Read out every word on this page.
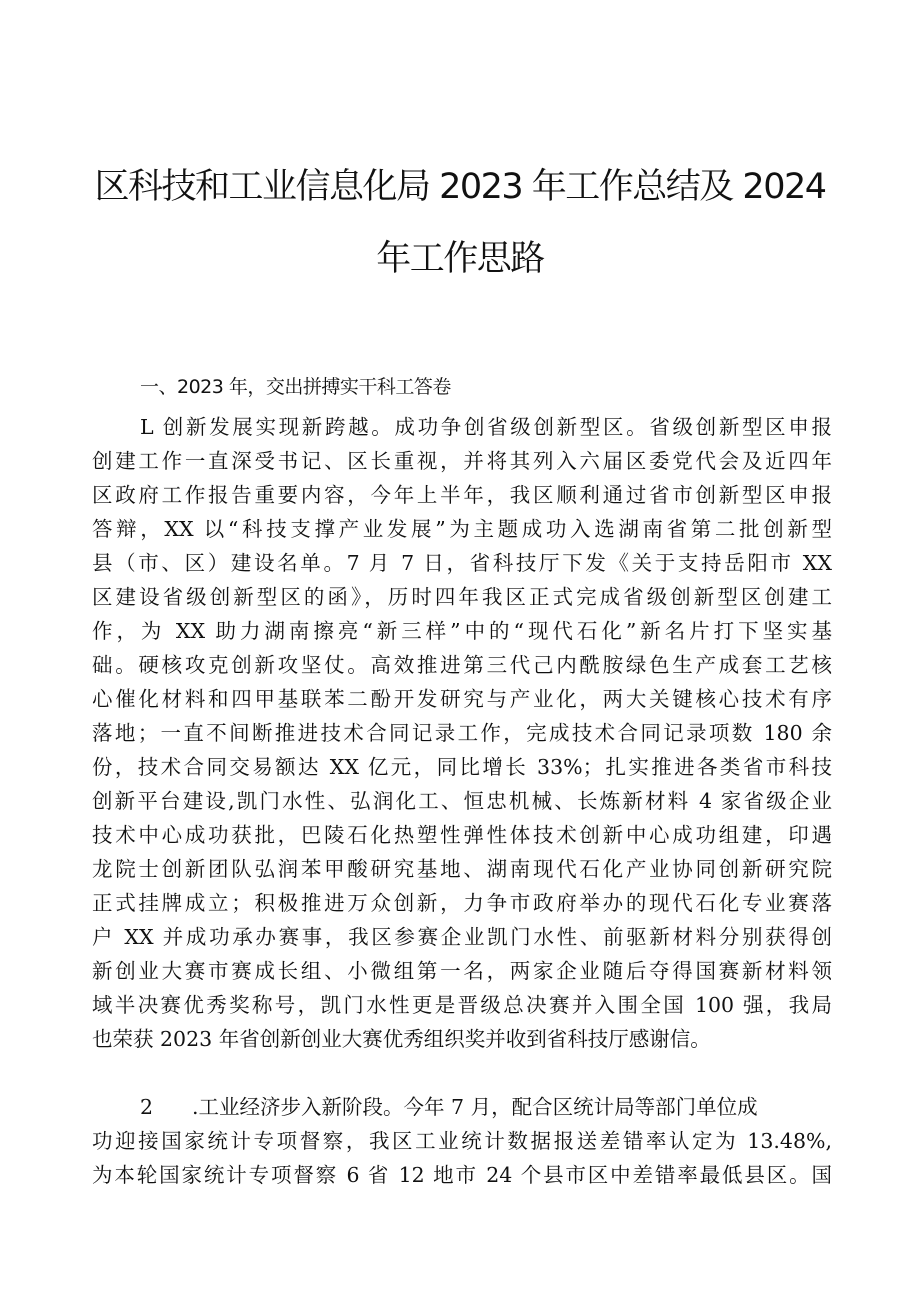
区科技和工业信息化局 2023 年工作总结及 2024
年工作思路
一、2023 年，交出拼搏实干科工答卷

L 创新发展实现新跨越。成功争创省级创新型区。省级创新型区申报

创建工作一直深受书记、区长重视，并将其列入六届区委党代会及近四年

区政府工作报告重要内容，今年上半年，我区顺利通过省市创新型区申报

答辩，XX 以“科技支撑产业发展”为主题成功入选湖南省第二批创新型

县（市、区）建设名单。7 月 7 日，省科技厅下发《关于支持岳阳市 XX

区建设省级创新型区的函》，历时四年我区正式完成省级创新型区创建工

作，为 XX 助力湖南擦亮“新三样”中的“现代石化”新名片打下坚实基

础。硬核攻克创新攻坚仗。高效推进第三代己内酰胺绿色生产成套工艺核

心催化材料和四甲基联苯二酚开发研究与产业化，两大关键核心技术有序

落地；一直不间断推进技术合同记录工作，完成技术合同记录项数 180 余

份，技术合同交易额达 XX 亿元，同比增长 33%；扎实推进各类省市科技

创新平台建设,凯门水性、弘润化工、恒忠机械、长炼新材料 4 家省级企业

技术中心成功获批，巴陵石化热塑性弹性体技术创新中心成功组建，印遇

龙院士创新团队弘润苯甲酸研究基地、湖南现代石化产业协同创新研究院

正式挂牌成立；积极推进万众创新，力争市政府举办的现代石化专业赛落

户 XX 并成功承办赛事，我区参赛企业凯门水性、前驱新材料分别获得创

新创业大赛市赛成长组、小微组第一名，两家企业随后夺得国赛新材料领

域半决赛优秀奖称号，凯门水性更是晋级总决赛并入围全国 100 强，我局

也荣获 2023 年省创新创业大赛优秀组织奖并收到省科技厅感谢信。

2 .工业经济步入新阶段。今年 7 月，配合区统计局等部门单位成

功迎接国家统计专项督察，我区工业统计数据报送差错率认定为 13.48%,

为本轮国家统计专项督察 6 省 12 地市 24 个县市区中差错率最低县区。国
